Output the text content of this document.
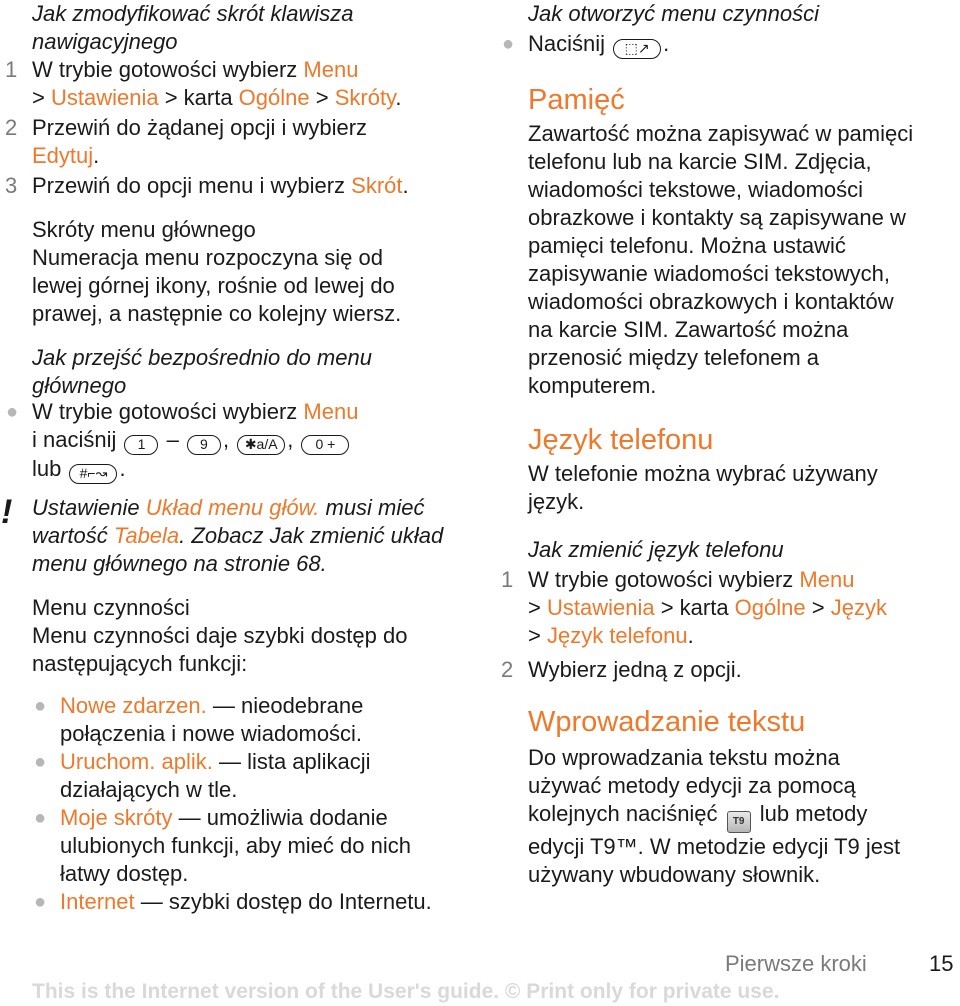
Jak zmodyfikować skrót klawisza nawigacyjnego
1 W trybie gotowości wybierz Menu
> Ustawienia > karta Ogólne > Skróty.
2 Przewiń do żądanej opcji i wybierz Edytuj.
3 Przewiń do opcji menu i wybierz Skrót.
Skróty menu głównego
Numeracja menu rozpoczyna się od lewej górnej ikony, rośnie od lewej do prawej, a następnie co kolejny wiersz.
Jak przejść bezpośrednio do menu głównego
● W trybie gotowości wybierz Menu
i naciśnij 1 – 9 , ✱a/A , 0 +
lub #⌐↝ .
! Ustawienie Układ menu głów. musi mieć wartość Tabela. Zobacz Jak zmienić układ menu głównego na stronie 68.
Menu czynności
Menu czynności daje szybki dostęp do następujących funkcji:
● Nowe zdarzen. — nieodebrane połączenia i nowe wiadomości.
● Uruchom. aplik. — lista aplikacji działających w tle.
● Moje skróty — umożliwia dodanie ulubionych funkcji, aby mieć do nich łatwy dostęp.
● Internet — szybki dostęp do Internetu.
Jak otworzyć menu czynności
● Naciśnij ⬚↗ .
Pamięć
Zawartość można zapisywać w pamięci telefonu lub na karcie SIM. Zdjęcia, wiadomości tekstowe, wiadomości obrazkowe i kontakty są zapisywane w pamięci telefonu. Można ustawić zapisywanie wiadomości tekstowych, wiadomości obrazkowych i kontaktów na karcie SIM. Zawartość można przenosić między telefonem a komputerem.
Język telefonu
W telefonie można wybrać używany język.
Jak zmienić język telefonu
1 W trybie gotowości wybierz Menu
> Ustawienia > karta Ogólne > Język
> Język telefonu.
2 Wybierz jedną z opcji.
Wprowadzanie tekstu
Do wprowadzania tekstu można używać metody edycji za pomocą kolejnych naciśnięć T9 lub metody edycji T9™. W metodzie edycji T9 jest używany wbudowany słownik.
Pierwsze kroki	15
This is the Internet version of the User's guide. © Print only for private use.
